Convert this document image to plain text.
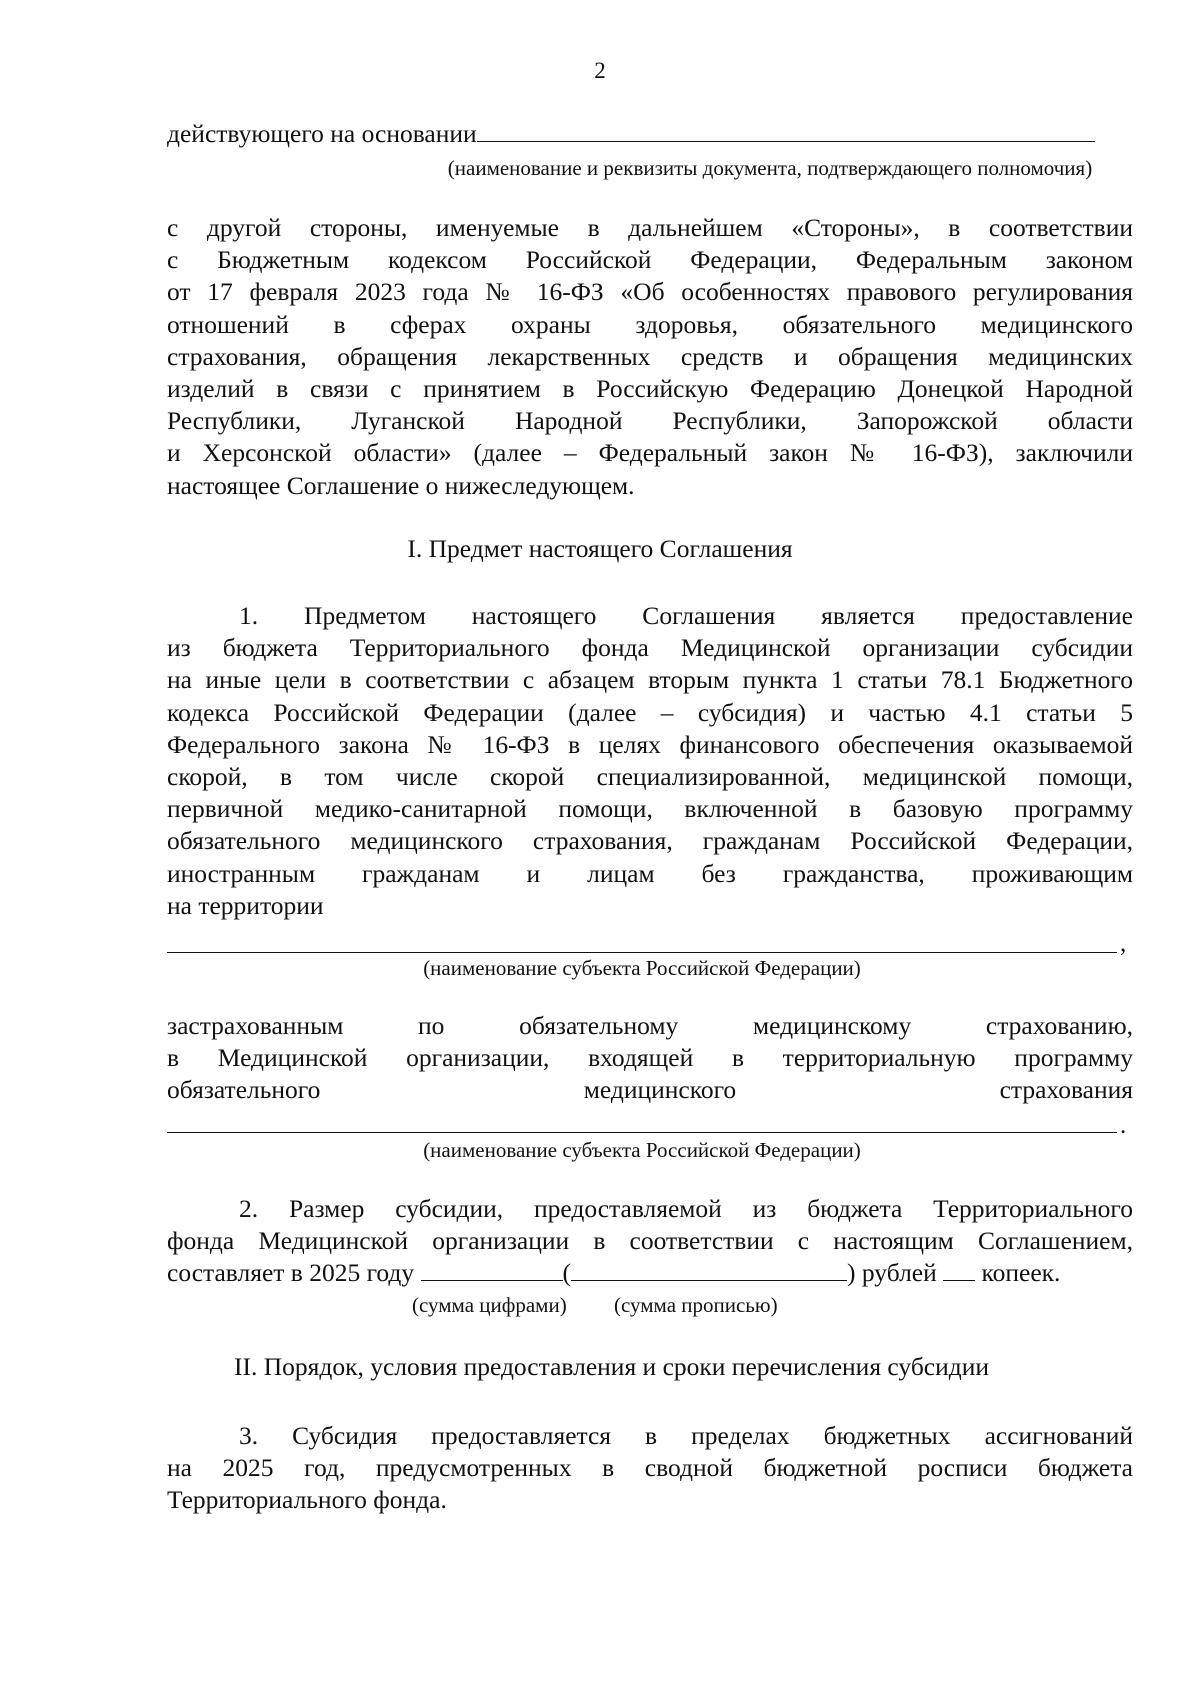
2
действующего на основании
(наименование и реквизиты документа, подтверждающего полномочия)
с другой стороны, именуемые в дальнейшем «Стороны», в соответствии
с Бюджетным кодексом Российской Федерации, Федеральным законом
от 17 февраля 2023 года № 16-ФЗ «Об особенностях правового регулирования
отношений в сферах охраны здоровья, обязательного медицинского
страхования, обращения лекарственных средств и обращения медицинских
изделий в связи с принятием в Российскую Федерацию Донецкой Народной
Республики, Луганской Народной Республики, Запорожской области
и Херсонской области» (далее – Федеральный закон № 16-ФЗ), заключили
настоящее Соглашение о нижеследующем.
I. Предмет настоящего Соглашения
1. Предметом настоящего Соглашения является предоставление
из бюджета Территориального фонда Медицинской организации субсидии
на иные цели в соответствии с абзацем вторым пункта 1 статьи 78.1 Бюджетного
кодекса Российской Федерации (далее – субсидия) и частью 4.1 статьи 5
Федерального закона № 16-ФЗ в целях финансового обеспечения оказываемой
скорой, в том числе скорой специализированной, медицинской помощи,
первичной медико-санитарной помощи, включенной в базовую программу
обязательного медицинского страхования, гражданам Российской Федерации,
иностранным гражданам и лицам без гражданства, проживающим
на территории
,
(наименование субъекта Российской Федерации)
застрахованным по обязательному медицинскому страхованию,
в Медицинской организации, входящей в территориальную программу
обязательного медицинского страхования
.
(наименование субъекта Российской Федерации)
2. Размер субсидии, предоставляемой из бюджета Территориального
фонда Медицинской организации в соответствии с настоящим Соглашением,
составляет в 2025 году	(	) рублей копеек.
(сумма цифрами) (сумма прописью)
II. Порядок, условия предоставления и сроки перечисления субсидии
3. Субсидия предоставляется в пределах бюджетных ассигнований
на 2025 год, предусмотренных в сводной бюджетной росписи бюджета
Территориального фонда.
